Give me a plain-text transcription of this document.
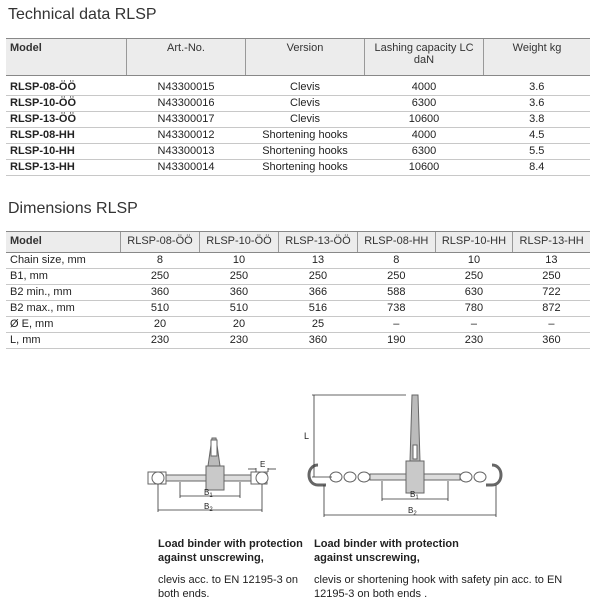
Technical data RLSP
Model	Art.-No.	Version	Lashing capacity LC daN	Weight kg
RLSP-08-ÖÖ	N43300015	Clevis	4000	3.6
RLSP-10-ÖÖ	N43300016	Clevis	6300	3.6
RLSP-13-ÖÖ	N43300017	Clevis	10600	3.8
RLSP-08-HH	N43300012	Shortening hooks	4000	4.5
RLSP-10-HH	N43300013	Shortening hooks	6300	5.5
RLSP-13-HH	N43300014	Shortening hooks	10600	8.4
Dimensions RLSP
Model	RLSP-08-ÖÖ	RLSP-10-ÖÖ	RLSP-13-ÖÖ	RLSP-08-HH	RLSP-10-HH	RLSP-13-HH
Chain size, mm	8	10	13	8	10	13
B1, mm	250	250	250	250	250	250
B2 min., mm	360	360	366	588	630	722
B2 max., mm	510	510	516	738	780	872
Ø E, mm	20	20	25	–	–	–
L, mm	230	230	360	190	230	360
E
$B_1$
$B_2$
Load binder with protection against unscrewing,
clevis acc. to EN 12195-3 on both ends.
L
$B_1$
$B_2$
Load binder with protection against unscrewing,
clevis or shortening hook with safety pin acc. to EN 12195-3 on both ends .
